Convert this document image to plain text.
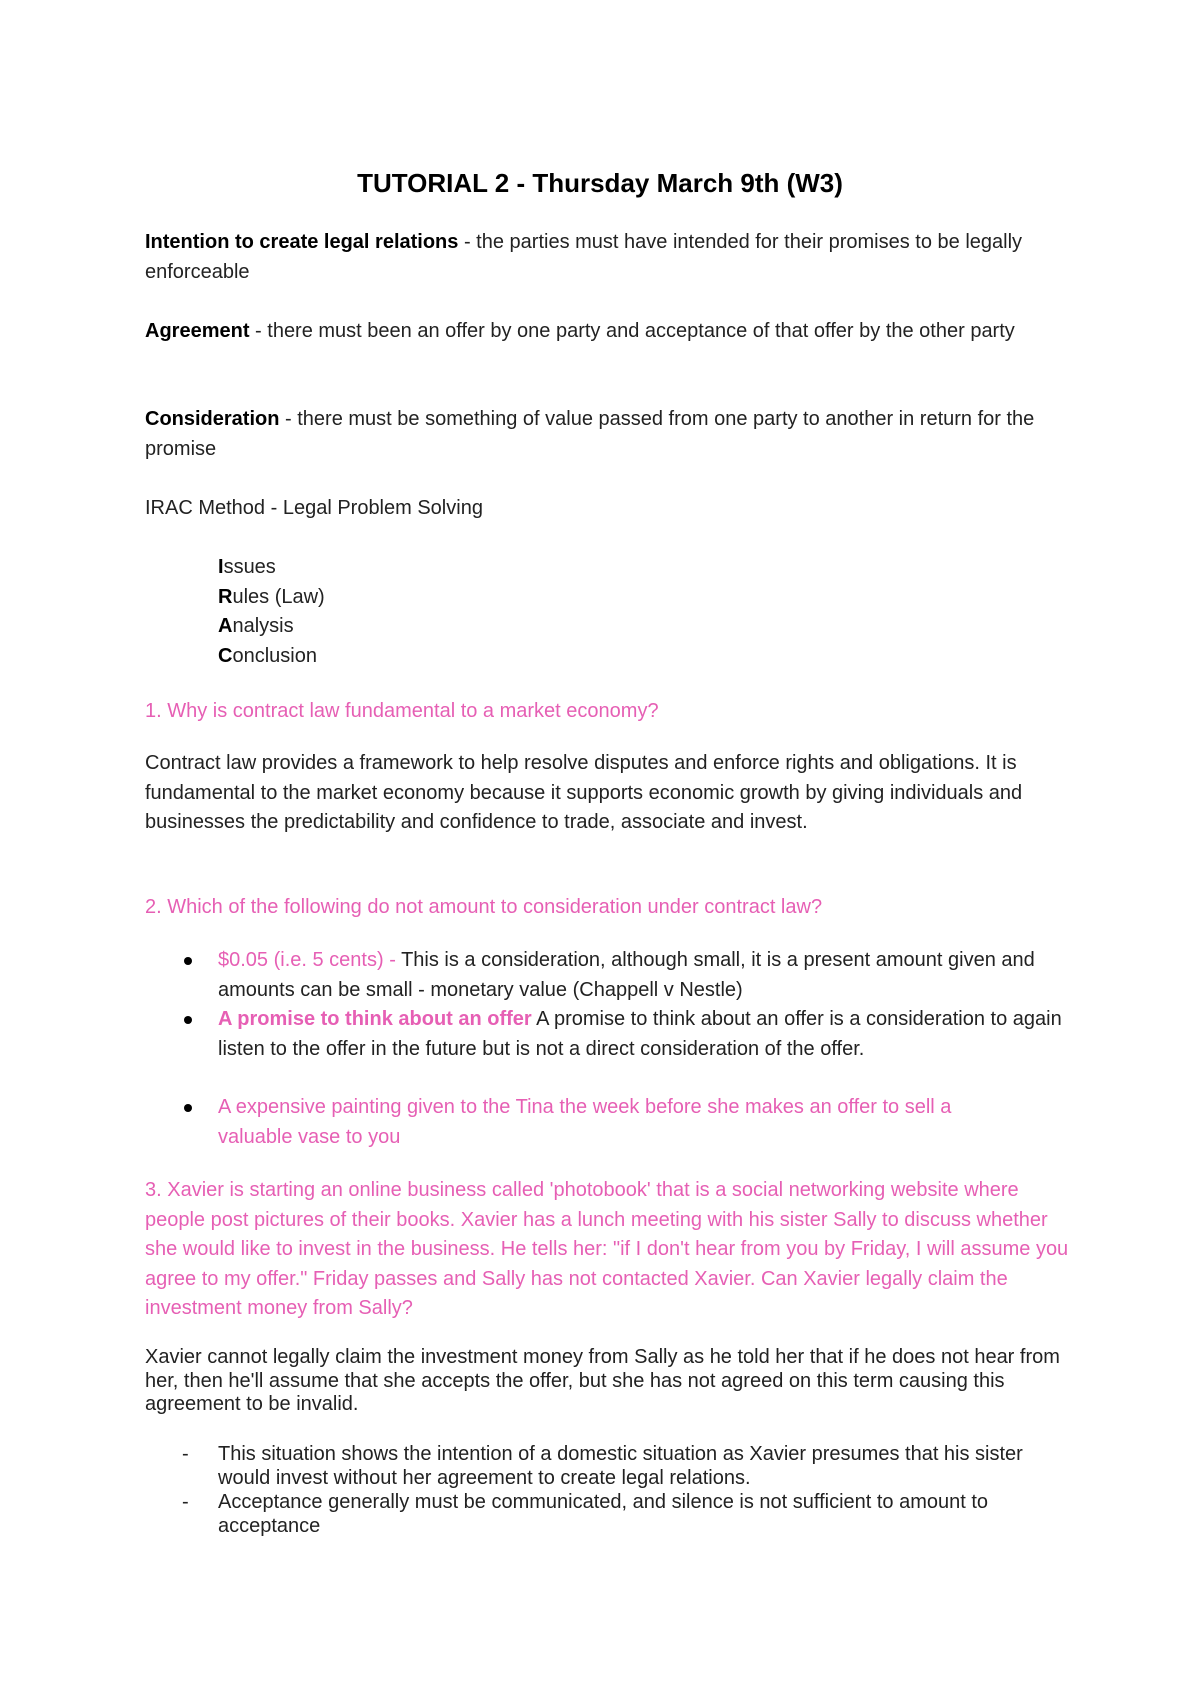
TUTORIAL 2 - Thursday March 9th (W3)
Intention to create legal relations - the parties must have intended for their promises to be legally enforceable
Agreement - there must been an offer by one party and acceptance of that offer by the other party
Consideration - there must be something of value passed from one party to another in return for the promise
IRAC Method - Legal Problem Solving
Issues
Rules (Law)
Analysis
Conclusion
1. Why is contract law fundamental to a market economy?
Contract law provides a framework to help resolve disputes and enforce rights and obligations. It is fundamental to the market economy because it supports economic growth by giving individuals and businesses the predictability and confidence to trade, associate and invest.
2. Which of the following do not amount to consideration under contract law?
$0.05 (i.e. 5 cents) - This is a consideration, although small, it is a present amount given and amounts can be small - monetary value (Chappell v Nestle)
A promise to think about an offer A promise to think about an offer is a consideration to again listen to the offer in the future but is not a direct consideration of the offer.
A expensive painting given to the Tina the week before she makes an offer to sell a valuable vase to you
3. Xavier is starting an online business called 'photobook' that is a social networking website where people post pictures of their books. Xavier has a lunch meeting with his sister Sally to discuss whether she would like to invest in the business. He tells her: "if I don't hear from you by Friday, I will assume you agree to my offer." Friday passes and Sally has not contacted Xavier. Can Xavier legally claim the investment money from Sally?
Xavier cannot legally claim the investment money from Sally as he told her that if he does not hear from her, then he'll assume that she accepts the offer, but she has not agreed on this term causing this agreement to be invalid.
- This situation shows the intention of a domestic situation as Xavier presumes that his sister would invest without her agreement to create legal relations.
- Acceptance generally must be communicated, and silence is not sufficient to amount to acceptance
